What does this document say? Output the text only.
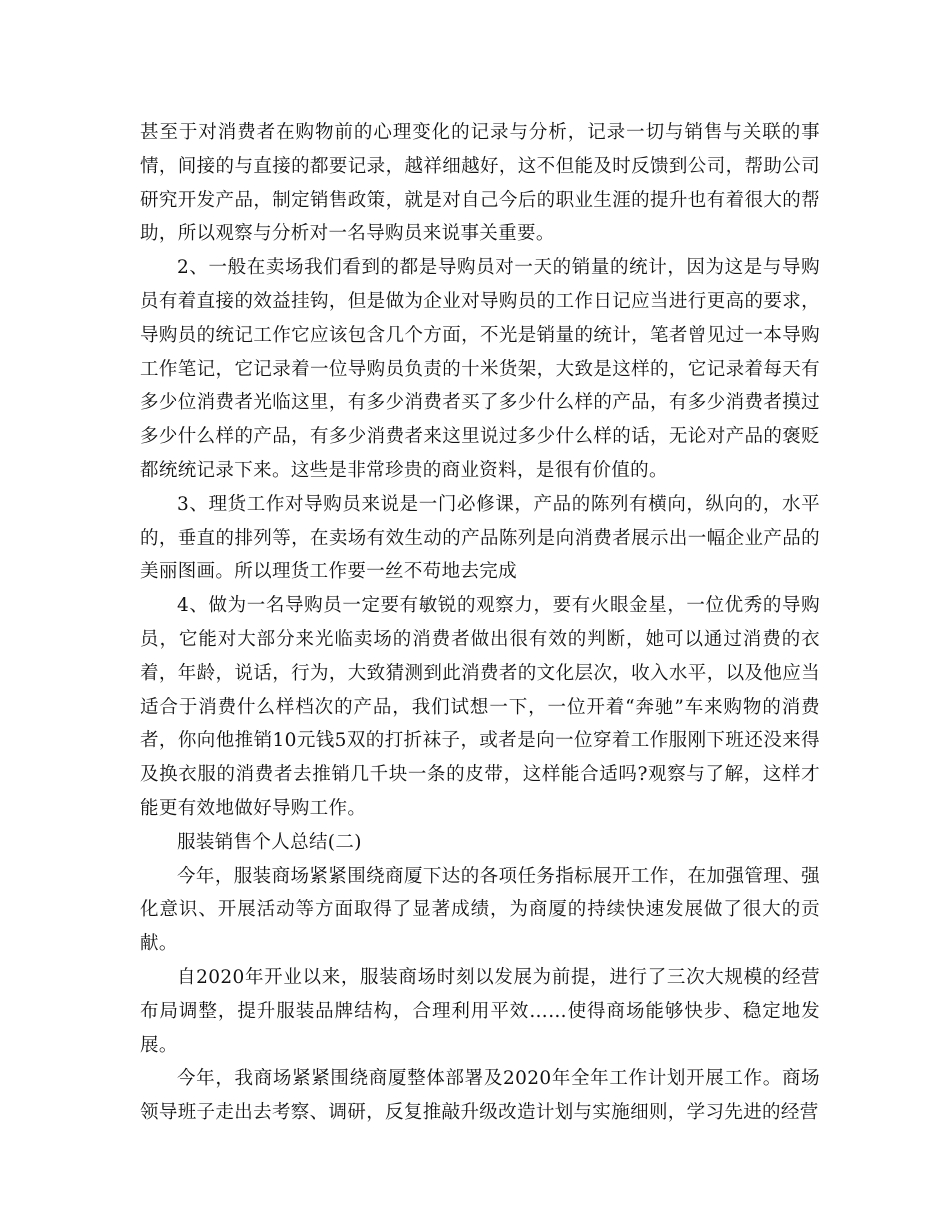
甚至于对消费者在购物前的心理变化的记录与分析，记录一切与销售与关联的事情，间接的与直接的都要记录，越祥细越好，这不但能及时反馈到公司，帮助公司研究开发产品，制定销售政策，就是对自己今后的职业生涯的提升也有着很大的帮助，所以观察与分析对一名导购员来说事关重要。

2、一般在卖场我们看到的都是导购员对一天的销量的统计，因为这是与导购员有着直接的效益挂钩，但是做为企业对导购员的工作日记应当进行更高的要求，导购员的统记工作它应该包含几个方面，不光是销量的统计，笔者曾见过一本导购工作笔记，它记录着一位导购员负责的十米货架，大致是这样的，它记录着每天有多少位消费者光临这里，有多少消费者买了多少什么样的产品，有多少消费者摸过多少什么样的产品，有多少消费者来这里说过多少什么样的话，无论对产品的褒贬都统统记录下来。这些是非常珍贵的商业资料，是很有价值的。

3、理货工作对导购员来说是一门必修课，产品的陈列有横向，纵向的，水平的，垂直的排列等，在卖场有效生动的产品陈列是向消费者展示出一幅企业产品的美丽图画。所以理货工作要一丝不苟地去完成

4、做为一名导购员一定要有敏锐的观察力，要有火眼金星，一位优秀的导购员，它能对大部分来光临卖场的消费者做出很有效的判断，她可以通过消费的衣着，年龄，说话，行为，大致猜测到此消费者的文化层次，收入水平，以及他应当适合于消费什么样档次的产品，我们试想一下，一位开着“奔驰”车来购物的消费者，你向他推销10元钱5双的打折袜子，或者是向一位穿着工作服刚下班还没来得及换衣服的消费者去推销几千块一条的皮带，这样能合适吗?观察与了解，这样才能更有效地做好导购工作。

服装销售个人总结(二)

今年，服装商场紧紧围绕商厦下达的各项任务指标展开工作，在加强管理、强化意识、开展活动等方面取得了显著成绩，为商厦的持续快速发展做了很大的贡献。

自2020年开业以来，服装商场时刻以发展为前提，进行了三次大规模的经营布局调整，提升服装品牌结构，合理利用平效……使得商场能够快步、稳定地发展。

今年，我商场紧紧围绕商厦整体部署及2020年全年工作计划开展工作。商场领导班子走出去考察、调研，反复推敲升级改造计划与实施细则，学习先进的经营
